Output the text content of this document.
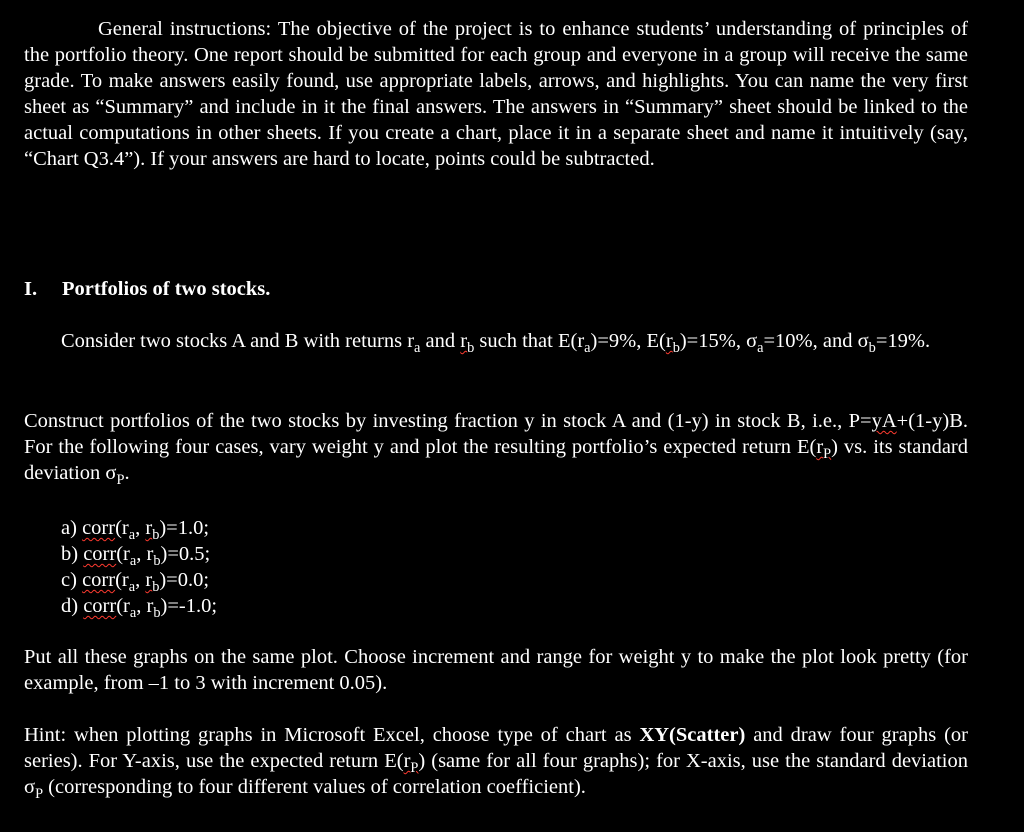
General instructions: The objective of the project is to enhance students’ understanding of principles of the portfolio theory. One report should be submitted for each group and everyone in a group will receive the same grade. To make answers easily found, use appropriate labels, arrows, and highlights. You can name the very first sheet as “Summary” and include in it the final answers. The answers in “Summary” sheet should be linked to the actual computations in other sheets. If you create a chart, place it in a separate sheet and name it intuitively (say, “Chart Q3.4”). If your answers are hard to locate, points could be subtracted.
I. Portfolios of two stocks.
Consider two stocks A and B with returns $r_a$ and $r_b$ such that $E(r_a)=9\%$, $E(r_b)=15\%$, $\sigma_a=10\%$, and $\sigma_b=19\%$.
Construct portfolios of the two stocks by investing fraction y in stock A and (1-y) in stock B, i.e., P=yA+(1-y)B. For the following four cases, vary weight y and plot the resulting portfolio’s expected return $E(r_P)$ vs. its standard deviation $\sigma_P$.
a) $corr(r_a$, $r_b)=1.0$;
b) $corr(r_a$, $r_b)=0.5$;
c) $corr(r_a$, $r_b)=0.0$;
d) $corr(r_a$, $r_b)=-1.0$;
Put all these graphs on the same plot. Choose increment and range for weight y to make the plot look pretty (for example, from –1 to 3 with increment 0.05).
Hint: when plotting graphs in Microsoft Excel, choose type of chart as XY(Scatter) and draw four graphs (or series). For Y-axis, use the expected return $E(r_P)$ (same for all four graphs); for X-axis, use the standard deviation $\sigma_P$ (corresponding to four different values of correlation coefficient).
